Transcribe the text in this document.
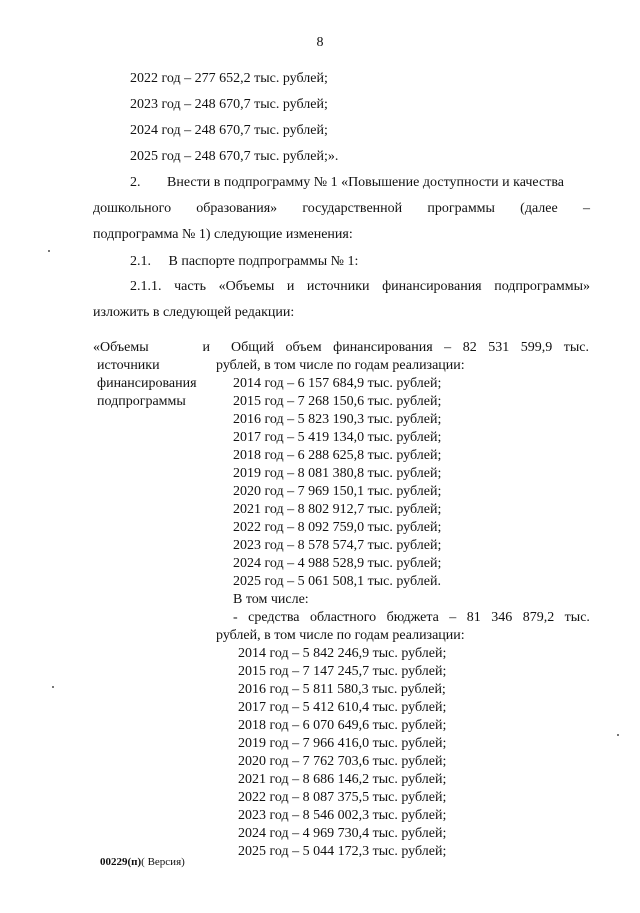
8
2022 год – 277 652,2 тыс. рублей;
2023 год – 248 670,7 тыс. рублей;
2024 год – 248 670,7 тыс. рублей;
2025 год – 248 670,7 тыс. рублей;».
2. Внести в подпрограмму № 1 «Повышение доступности и качества
дошкольного образования» государственной программы (далее –
подпрограмма № 1) следующие изменения:
2.1.     В паспорте подпрограммы № 1:
2.1.1. часть «Объемы и источники финансирования подпрограммы»
изложить в следующей редакции:
«Объемы	и
источники
финансирования
подпрограммы
Общий объем финансирования – 82 531 599,9 тыс.
рублей, в том числе по годам реализации:
2014 год – 6 157 684,9 тыс. рублей;
2015 год – 7 268 150,6 тыс. рублей;
2016 год – 5 823 190,3 тыс. рублей;
2017 год – 5 419 134,0 тыс. рублей;
2018 год – 6 288 625,8 тыс. рублей;
2019 год – 8 081 380,8 тыс. рублей;
2020 год – 7 969 150,1 тыс. рублей;
2021 год – 8 802 912,7 тыс. рублей;
2022 год – 8 092 759,0 тыс. рублей;
2023 год – 8 578 574,7 тыс. рублей;
2024 год – 4 988 528,9 тыс. рублей;
2025 год – 5 061 508,1 тыс. рублей.
В том числе:
- средства областного бюджета – 81 346 879,2 тыс.
рублей, в том числе по годам реализации:
2014 год – 5 842 246,9 тыс. рублей;
2015 год – 7 147 245,7 тыс. рублей;
2016 год – 5 811 580,3 тыс. рублей;
2017 год – 5 412 610,4 тыс. рублей;
2018 год – 6 070 649,6 тыс. рублей;
2019 год – 7 966 416,0 тыс. рублей;
2020 год – 7 762 703,6 тыс. рублей;
2021 год – 8 686 146,2 тыс. рублей;
2022 год – 8 087 375,5 тыс. рублей;
2023 год – 8 546 002,3 тыс. рублей;
2024 год – 4 969 730,4 тыс. рублей;
2025 год – 5 044 172,3 тыс. рублей;
00229(п)( Версия)
